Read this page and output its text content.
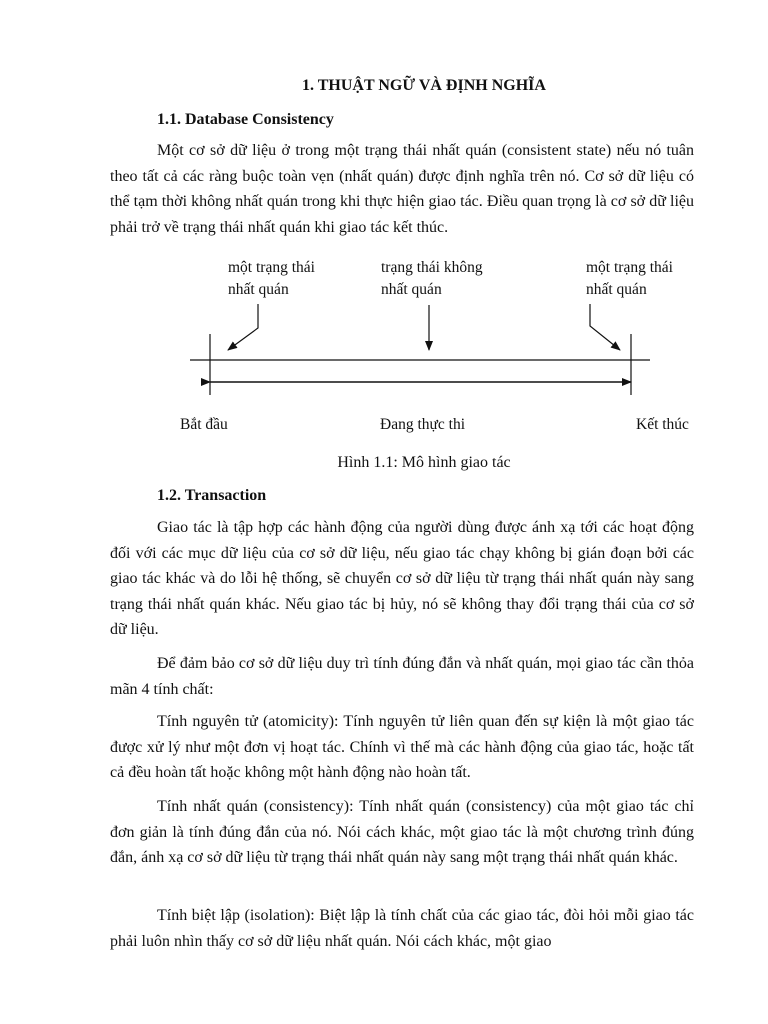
1. THUẬT NGỮ VÀ ĐỊNH NGHĨA
1.1. Database Consistency

Một cơ sở dữ liệu ở trong một trạng thái nhất quán (consistent state) nếu nó tuân theo tất cả các ràng buộc toàn vẹn (nhất quán) được định nghĩa trên nó. Cơ sở dữ liệu có thể tạm thời không nhất quán trong khi thực hiện giao tác. Điều quan trọng là cơ sở dữ liệu phải trở về trạng thái nhất quán khi giao tác kết thúc.

một trạng thái
nhất quán
trạng thái không
nhất quán
một trạng thái
nhất quán
Bắt đầu	Đang thực thi	Kết thúc
Hình 1.1: Mô hình giao tác
1.2. Transaction

Giao tác là tập hợp các hành động của người dùng được ánh xạ tới các hoạt động đối với các mục dữ liệu của cơ sở dữ liệu, nếu giao tác chạy không bị gián đoạn bởi các giao tác khác và do lỗi hệ thống, sẽ chuyển cơ sở dữ liệu từ trạng thái nhất quán này sang trạng thái nhất quán khác. Nếu giao tác bị hủy, nó sẽ không thay đổi trạng thái của cơ sở dữ liệu.

Để đảm bảo cơ sở dữ liệu duy trì tính đúng đắn và nhất quán, mọi giao tác cần thỏa mãn 4 tính chất:

Tính nguyên tử (atomicity): Tính nguyên tử liên quan đến sự kiện là một giao tác được xử lý như một đơn vị hoạt tác. Chính vì thế mà các hành động của giao tác, hoặc tất cả đều hoàn tất hoặc không một hành động nào hoàn tất.

Tính nhất quán (consistency): Tính nhất quán (consistency) của một giao tác chỉ đơn giản là tính đúng đắn của nó. Nói cách khác, một giao tác là một chương trình đúng đắn, ánh xạ cơ sở dữ liệu từ trạng thái nhất quán này sang một trạng thái nhất quán khác.

Tính biệt lập (isolation): Biệt lập là tính chất của các giao tác, đòi hỏi mỗi giao tác phải luôn nhìn thấy cơ sở dữ liệu nhất quán. Nói cách khác, một giao
